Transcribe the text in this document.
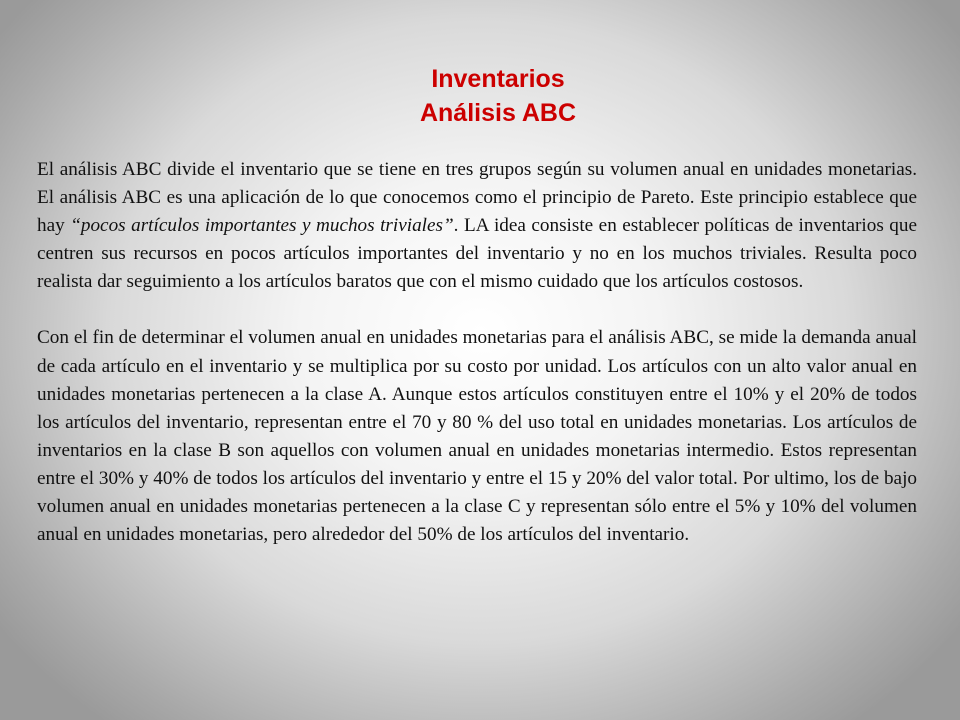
Inventarios
Análisis ABC

El análisis ABC divide el inventario que se tiene en tres grupos según su volumen anual en unidades monetarias. El análisis ABC es una aplicación de lo que conocemos como el principio de Pareto. Este principio establece que hay “pocos artículos importantes y muchos triviales”. LA idea consiste en establecer políticas de inventarios que centren sus recursos en pocos artículos importantes del inventario y no en los muchos triviales. Resulta poco realista dar seguimiento a los artículos baratos que con el mismo cuidado que los artículos costosos.

Con el fin de determinar el volumen anual en unidades monetarias para el análisis ABC, se mide la demanda anual de cada artículo en el inventario y se multiplica por su costo por unidad. Los artículos con un alto valor anual en unidades monetarias pertenecen a la clase A. Aunque estos artículos constituyen entre el 10% y el 20% de todos los artículos del inventario, representan entre el 70 y 80 % del uso total en unidades monetarias. Los artículos de inventarios en la clase B son aquellos con volumen anual en unidades monetarias intermedio. Estos representan entre el 30% y 40% de todos los artículos del inventario y entre el 15 y 20% del valor total. Por ultimo, los de bajo volumen anual en unidades monetarias pertenecen a la clase C y representan sólo entre el 5% y 10% del volumen anual en unidades monetarias, pero alrededor del 50% de los artículos del inventario.
